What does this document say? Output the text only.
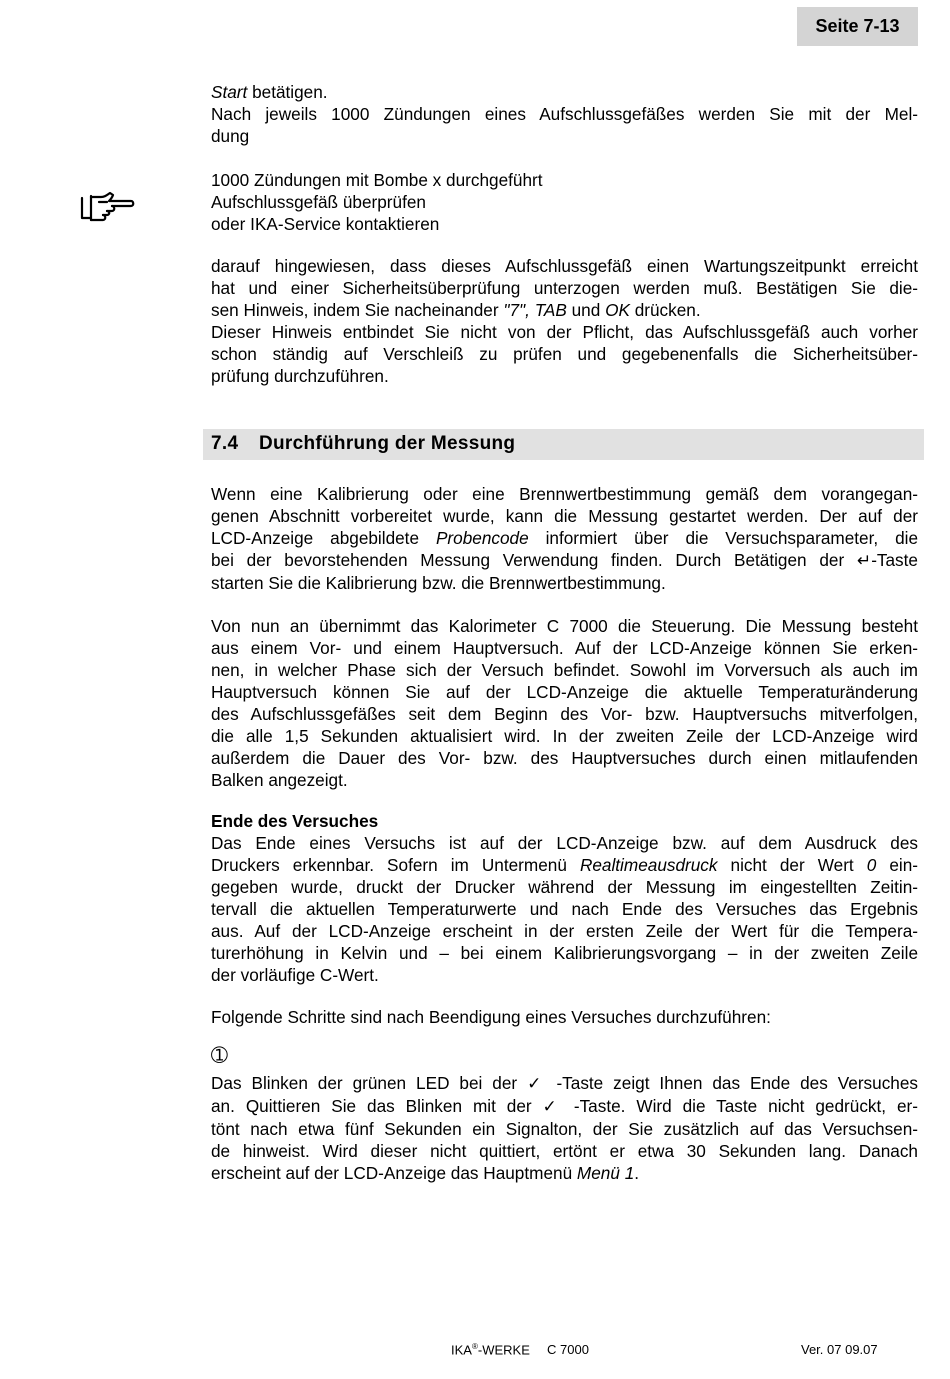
Seite 7-13
Start betätigen.
Nach jeweils 1000 Zündungen eines Aufschlussgefäßes werden Sie mit der Mel-
dung
1000 Zündungen mit Bombe x durchgeführt
Aufschlussgefäß überprüfen
oder IKA-Service kontaktieren
darauf hingewiesen, dass dieses Aufschlussgefäß einen Wartungszeitpunkt erreicht
hat und einer Sicherheitsüberprüfung unterzogen werden muß. Bestätigen Sie die-
sen Hinweis, indem Sie nacheinander "7", TAB und OK drücken.
Dieser Hinweis entbindet Sie nicht von der Pflicht, das Aufschlussgefäß auch vorher
schon ständig auf Verschleiß zu prüfen und gegebenenfalls die Sicherheitsüber-
prüfung durchzuführen.
7.4 Durchführung der Messung
Wenn eine Kalibrierung oder eine Brennwertbestimmung gemäß dem vorangegan-
genen Abschnitt vorbereitet wurde, kann die Messung gestartet werden. Der auf der
LCD-Anzeige abgebildete Probencode informiert über die Versuchsparameter, die
bei der bevorstehenden Messung Verwendung finden. Durch Betätigen der ↵-Taste
starten Sie die Kalibrierung bzw. die Brennwertbestimmung.
Von nun an übernimmt das Kalorimeter C 7000 die Steuerung. Die Messung besteht
aus einem Vor- und einem Hauptversuch. Auf der LCD-Anzeige können Sie erken-
nen, in welcher Phase sich der Versuch befindet. Sowohl im Vorversuch als auch im
Hauptversuch können Sie auf der LCD-Anzeige die aktuelle Temperaturänderung
des Aufschlussgefäßes seit dem Beginn des Vor- bzw. Hauptversuchs mitverfolgen,
die alle 1,5 Sekunden aktualisiert wird. In der zweiten Zeile der LCD-Anzeige wird
außerdem die Dauer des Vor- bzw. des Hauptversuches durch einen mitlaufenden
Balken angezeigt.
Ende des Versuches
Das Ende eines Versuchs ist auf der LCD-Anzeige bzw. auf dem Ausdruck des
Druckers erkennbar. Sofern im Untermenü Realtimeausdruck nicht der Wert 0 ein-
gegeben wurde, druckt der Drucker während der Messung im eingestellten Zeitin-
tervall die aktuellen Temperaturwerte und nach Ende des Versuches das Ergebnis
aus. Auf der LCD-Anzeige erscheint in der ersten Zeile der Wert für die Tempera-
turerhöhung in Kelvin und – bei einem Kalibrierungsvorgang – in der zweiten Zeile
der vorläufige C-Wert.
Folgende Schritte sind nach Beendigung eines Versuches durchzuführen:
➀
Das Blinken der grünen LED bei der ✓ -Taste zeigt Ihnen das Ende des Versuches
an. Quittieren Sie das Blinken mit der ✓ -Taste. Wird die Taste nicht gedrückt, er-
tönt nach etwa fünf Sekunden ein Signalton, der Sie zusätzlich auf das Versuchsen-
de hinweist. Wird dieser nicht quittiert, ertönt er etwa 30 Sekunden lang. Danach
erscheint auf der LCD-Anzeige das Hauptmenü Menü 1.
IKA®-WERKE C 7000	Ver. 07 09.07
